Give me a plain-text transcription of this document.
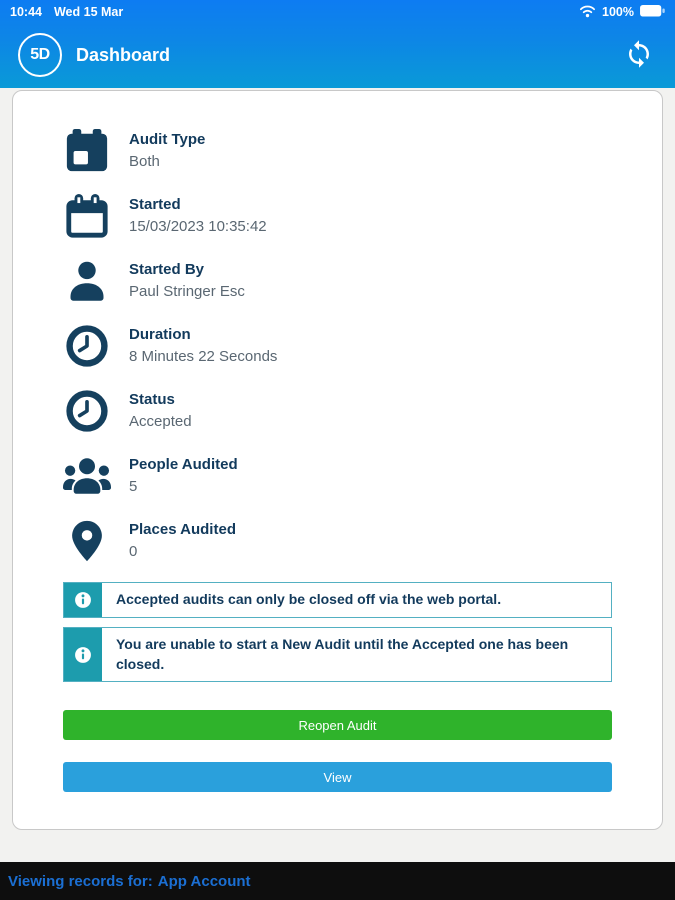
10:44 Wed 15 Mar	100%
5D	Dashboard
Audit Type
Both
Started
15/03/2023 10:35:42
Started By
Paul Stringer Esc
Duration
8 Minutes 22 Seconds
Status
Accepted
People Audited
5
Places Audited
0
Accepted audits can only be closed off via the web portal.
You are unable to start a New Audit until the Accepted one has been closed.
Reopen Audit
View
Viewing records for: App Account
